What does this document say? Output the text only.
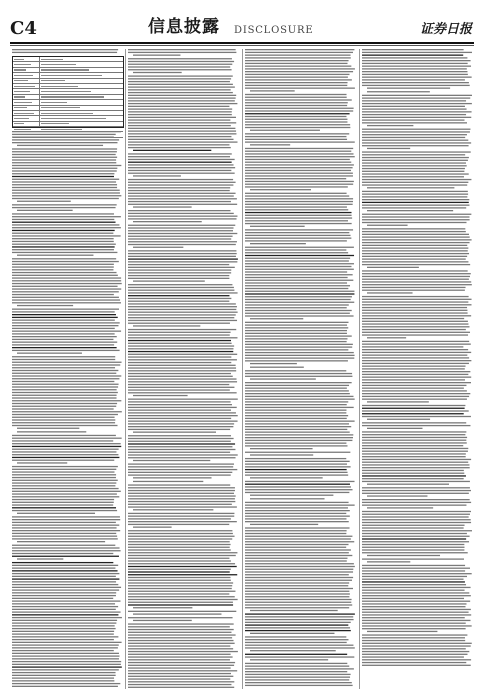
C4	信息披露 DISCLOSURE	证券日报
